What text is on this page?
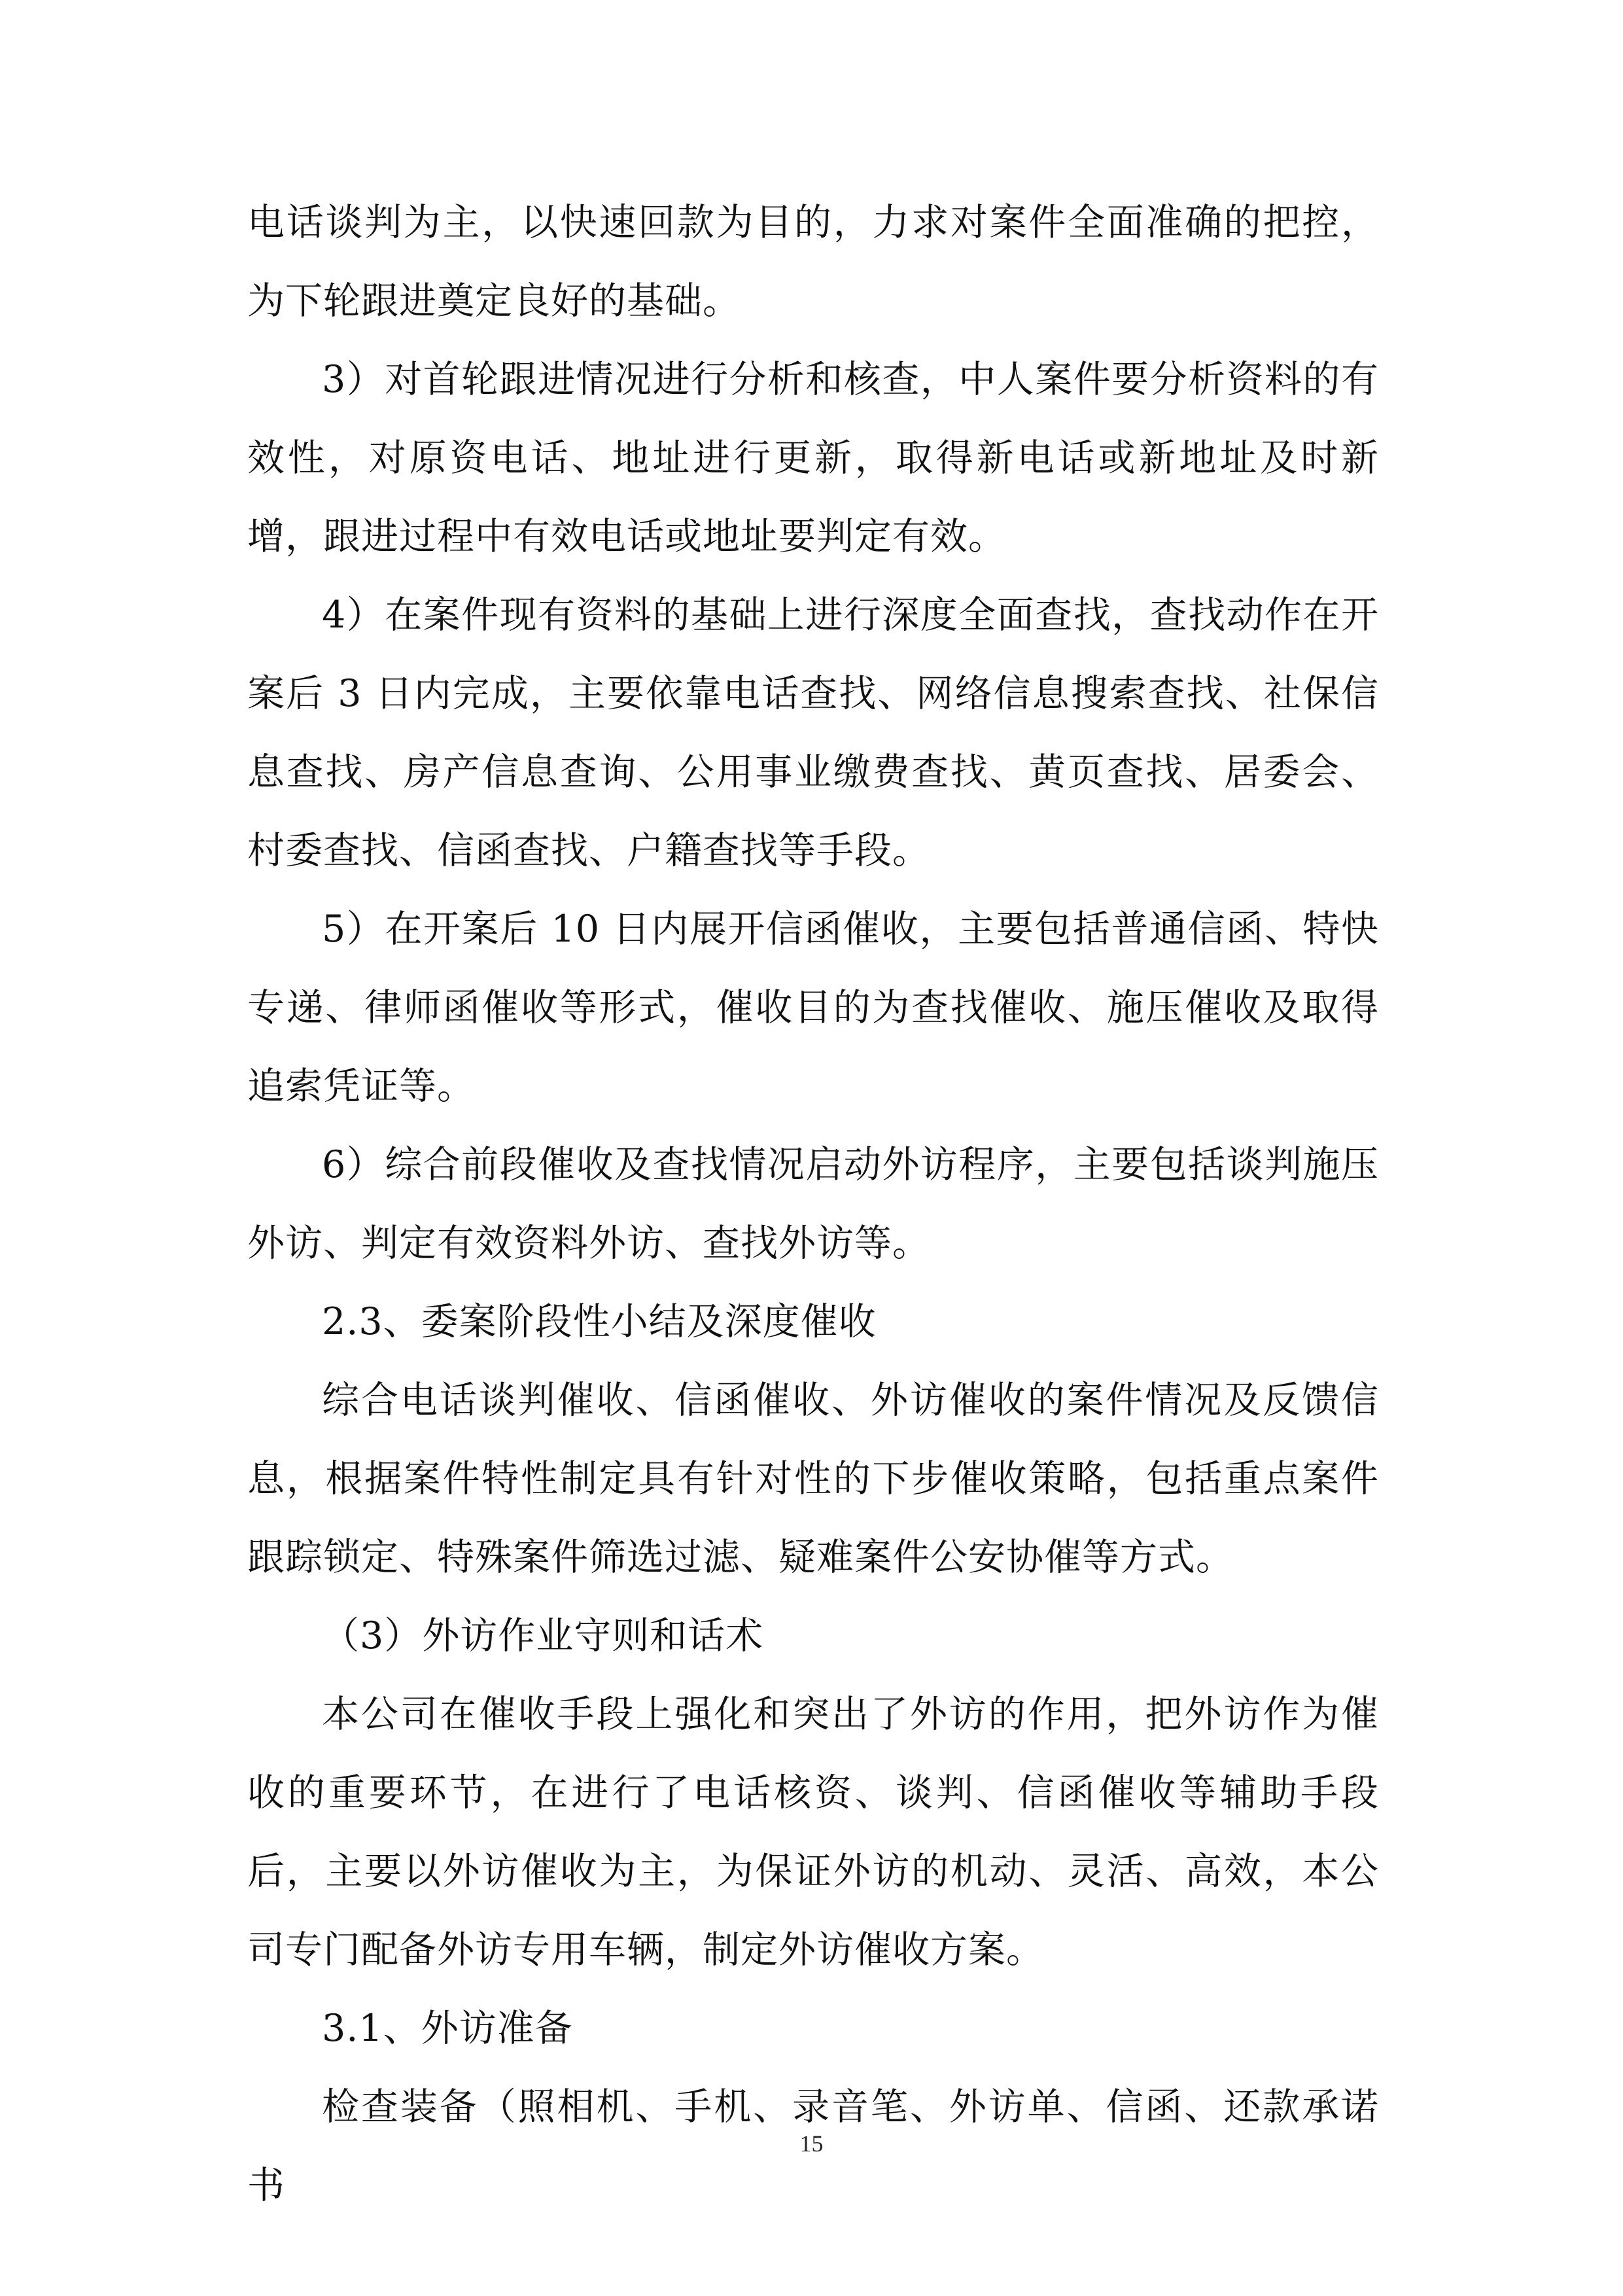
电话谈判为主，以快速回款为目的，力求对案件全面准确的把控，为下轮跟进奠定良好的基础。

3）对首轮跟进情况进行分析和核查，中人案件要分析资料的有效性，对原资电话、地址进行更新，取得新电话或新地址及时新增，跟进过程中有效电话或地址要判定有效。

4）在案件现有资料的基础上进行深度全面查找，查找动作在开案后 3 日内完成，主要依靠电话查找、网络信息搜索查找、社保信息查找、房产信息查询、公用事业缴费查找、黄页查找、居委会、村委查找、信函查找、户籍查找等手段。

5）在开案后 10 日内展开信函催收，主要包括普通信函、特快专递、律师函催收等形式，催收目的为查找催收、施压催收及取得追索凭证等。

6）综合前段催收及查找情况启动外访程序，主要包括谈判施压外访、判定有效资料外访、查找外访等。

2.3、委案阶段性小结及深度催收

综合电话谈判催收、信函催收、外访催收的案件情况及反馈信息，根据案件特性制定具有针对性的下步催收策略，包括重点案件跟踪锁定、特殊案件筛选过滤、疑难案件公安协催等方式。

（3）外访作业守则和话术

本公司在催收手段上强化和突出了外访的作用，把外访作为催收的重要环节，在进行了电话核资、谈判、信函催收等辅助手段后，主要以外访催收为主，为保证外访的机动、灵活、高效，本公司专门配备外访专用车辆，制定外访催收方案。

3.1、外访准备

检查装备（照相机、手机、录音笔、外访单、信函、还款承诺书

15
